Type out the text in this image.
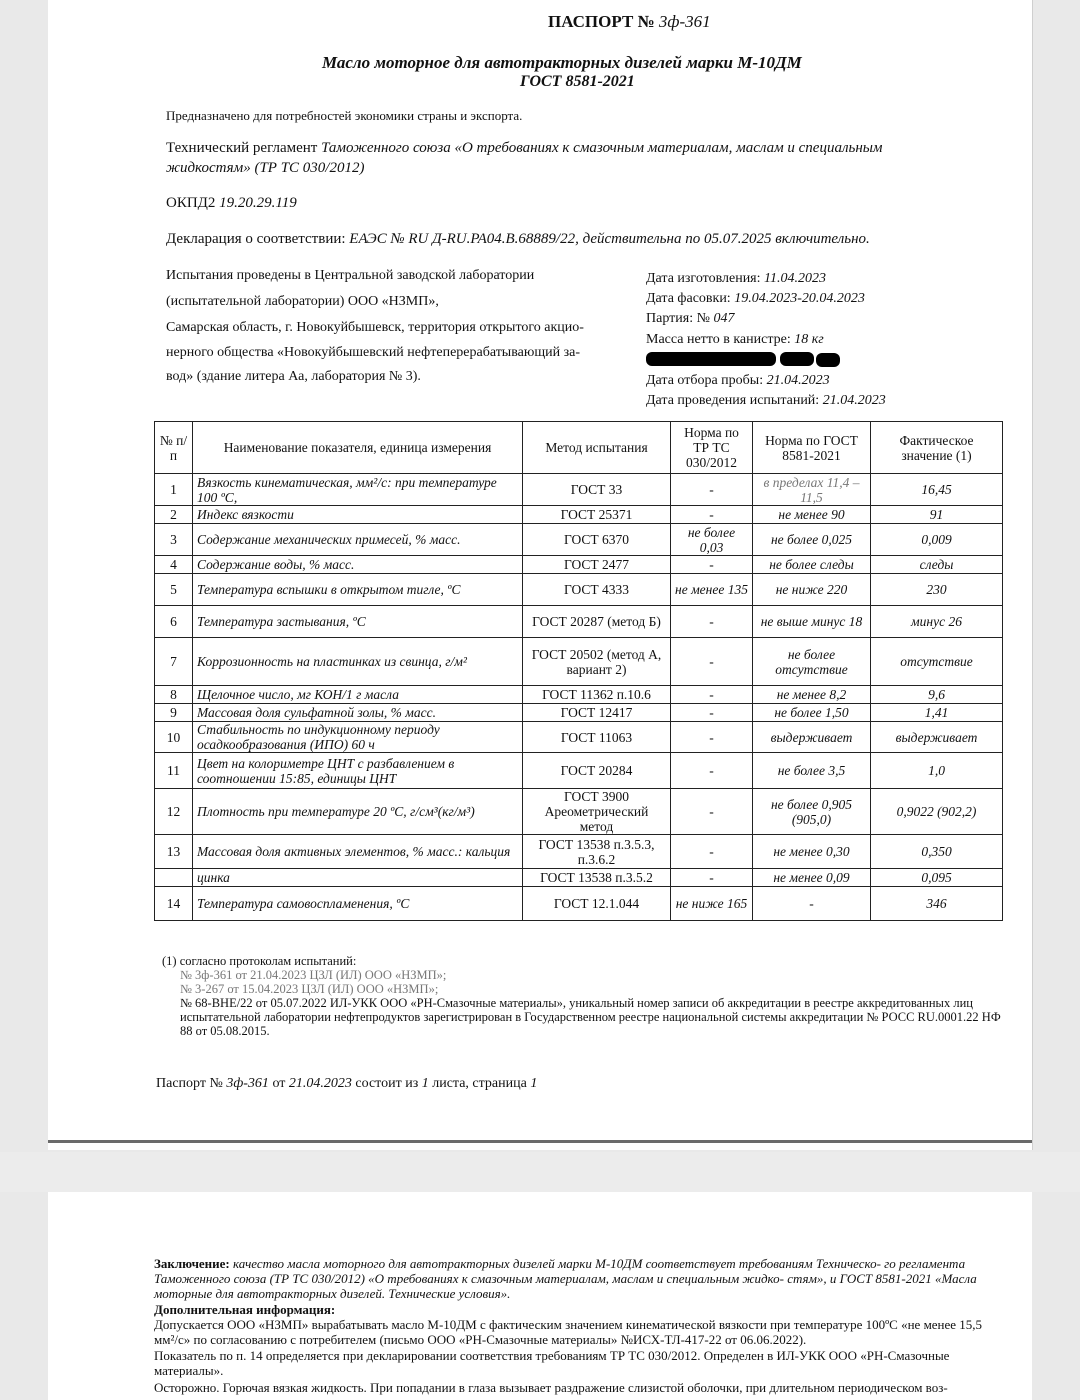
ПАСПОРТ № 3ф-361
Масло моторное для автотракторных дизелей марки М-10ДМ
ГОСТ 8581-2021
Предназначено для потребностей экономики страны и экспорта.
Технический регламент Таможенного союза «О требованиях к смазочным материалам, маслам и специальным
жидкостям» (ТР ТС 030/2012)
ОКПД2 19.20.29.119
Декларация о соответствии: ЕАЭС № RU Д-RU.PA04.B.68889/22, действительна по 05.07.2025 включительно.
Испытания проведены в Центральной заводской лаборатории
(испытательной лаборатории) ООО «НЗМП»,
Самарская область, г. Новокуйбышевск, территория открытого акцио-
нерного общества «Новокуйбышевский нефтеперерабатывающий за-
вод» (здание литера Аа, лаборатория № 3).
Дата изготовления: 11.04.2023
Дата фасовки: 19.04.2023-20.04.2023
Партия: № 047
Масса нетто в канистре: 18 кг
Дата отбора пробы: 21.04.2023
Дата проведения испытаний: 21.04.2023
№ п/п	Наименование показателя, единица измерения	Метод испытания	Норма по ТР ТС 030/2012	Норма по ГОСТ 8581-2021	Фактическое значение (1)
1	Вязкость кинематическая, мм²/с: при температуре 100 ºС,	ГОСТ 33	-	в пределах 11,4 – 11,5	16,45
2	Индекс вязкости	ГОСТ 25371	-	не менее 90	91
3	Содержание механических примесей, % масс.	ГОСТ 6370	не более 0,03	не более 0,025	0,009
4	Содержание воды, % масс.	ГОСТ 2477	-	не более следы	следы
5	Температура вспышки в открытом тигле, ºС	ГОСТ 4333	не менее 135	не ниже 220	230
6	Температура застывания, ºС	ГОСТ 20287 (метод Б)	-	не выше минус 18	минус 26
7	Коррозионность на пластинках из свинца, г/м²	ГОСТ 20502 (метод А, вариант 2)	-	не более отсутствие	отсутствие
8	Щелочное число, мг КОН/1 г масла	ГОСТ 11362 п.10.6	-	не менее 8,2	9,6
9	Массовая доля сульфатной золы, % масс.	ГОСТ 12417	-	не более 1,50	1,41
10	Стабильность по индукционному периоду осадкообразования (ИПО) 60 ч	ГОСТ 11063	-	выдерживает	выдерживает
11	Цвет на колориметре ЦНТ с разбавлением в соотношении 15:85, единицы ЦНТ	ГОСТ 20284	-	не более 3,5	1,0
12	Плотность при температуре 20 ºС, г/см³(кг/м³)	ГОСТ 3900 Ареометрический метод	-	не более 0,905 (905,0)	0,9022 (902,2)
13	Массовая доля активных элементов, % масс.: кальция	ГОСТ 13538 п.3.5.3, п.3.6.2	-	не менее 0,30	0,350
	цинка	ГОСТ 13538 п.3.5.2	-	не менее 0,09	0,095
14	Температура самовоспламенения, ºС	ГОСТ 12.1.044	не ниже 165	-	346
(1) согласно протоколам испытаний:
№ 3ф-361 от 21.04.2023 ЦЗЛ (ИЛ) ООО «НЗМП»;
№ 3-267 от 15.04.2023 ЦЗЛ (ИЛ) ООО «НЗМП»;
№ 68-ВНЕ/22 от 05.07.2022 ИЛ-УКК ООО «РН-Смазочные материалы», уникальный номер записи об аккредитации в реестре аккредитованных лиц испытательной лаборатории нефтепродуктов зарегистрирован в Государственном реестре национальной системы аккредитации № РОСС RU.0001.22 НФ 88 от 05.08.2015.
Паспорт № 3ф-361 от 21.04.2023 состоит из 1 листа, страница 1
Заключение: качество масла моторного для автотракторных дизелей марки М-10ДМ соответствует требованиям Техническо- го регламента Таможенного союза (ТР ТС 030/2012) «О требованиях к смазочным материалам, маслам и специальным жидко- стям», и ГОСТ 8581-2021 «Масла моторные для автотракторных дизелей. Технические условия».
Дополнительная информация:
Допускается ООО «НЗМП» вырабатывать масло М-10ДМ с фактическим значением кинематической вязкости при температуре 100ºС «не менее 15,5 мм²/с» по согласованию с потребителем (письмо ООО «РН-Смазочные материалы» №ИСХ-ТЛ-417-22 от 06.06.2022).
Показатель по п. 14 определяется при декларировании соответствия требованиям ТР ТС 030/2012. Определен в ИЛ-УКК ООО «РН-Смазочные материалы».
Осторожно. Горючая вязкая жидкость. При попадании в глаза вызывает раздражение слизистой оболочки, при длительном периодическом воз-
